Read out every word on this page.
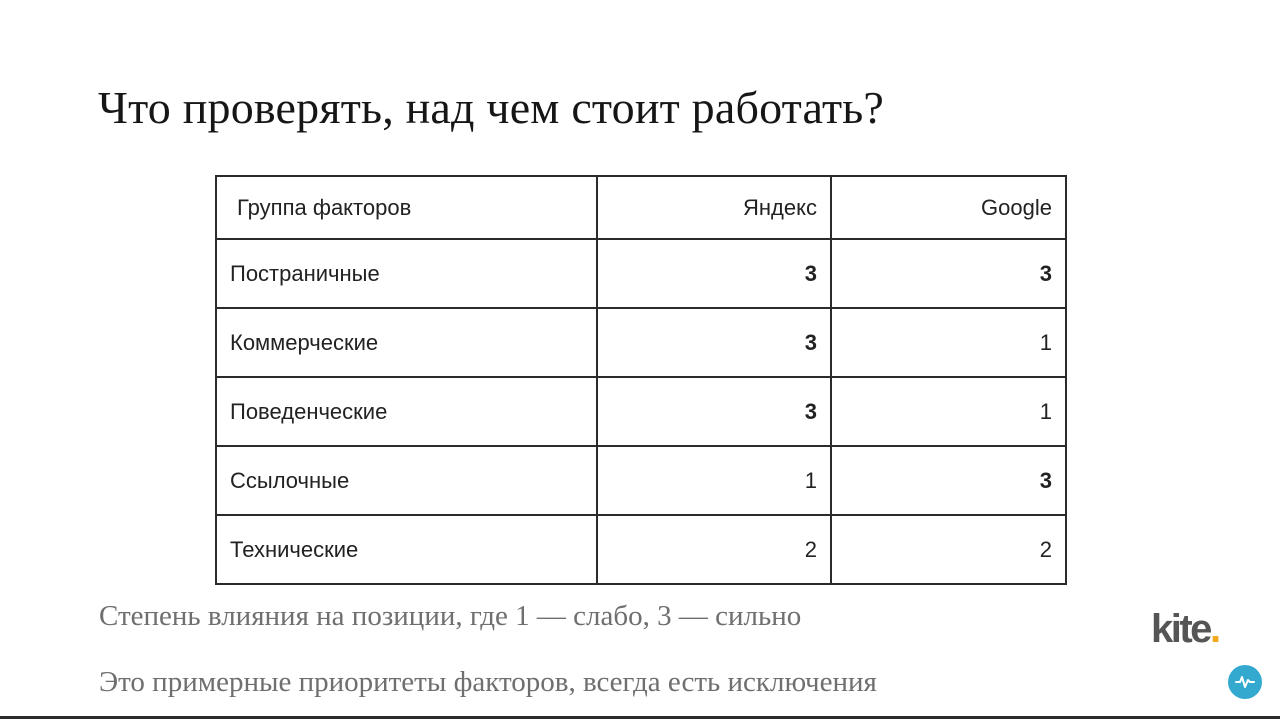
Что проверять, над чем стоит работать?
Группа факторов	Яндекс	Google
Постраничные	3	3
Коммерческие	3	1
Поведенческие	3	1
Ссылочные	1	3
Технические	2	2

Степень влияния на позиции, где 1 — слабо, 3 — сильно

Это примерные приоритеты факторов, всегда есть исключения

kite.
